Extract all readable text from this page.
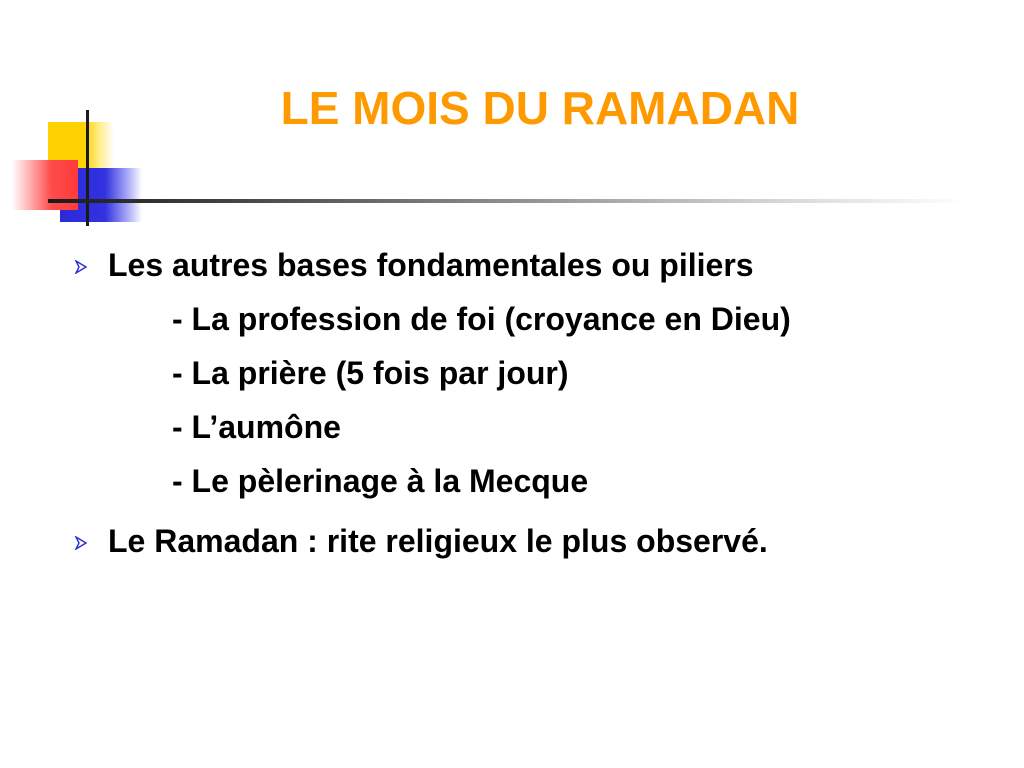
LE MOIS DU RAMADAN

Les autres bases fondamentales ou piliers

- La profession de foi (croyance en Dieu)

- La prière (5 fois par jour)

- L’aumône

- Le pèlerinage à la Mecque

Le Ramadan : rite religieux le plus observé.
